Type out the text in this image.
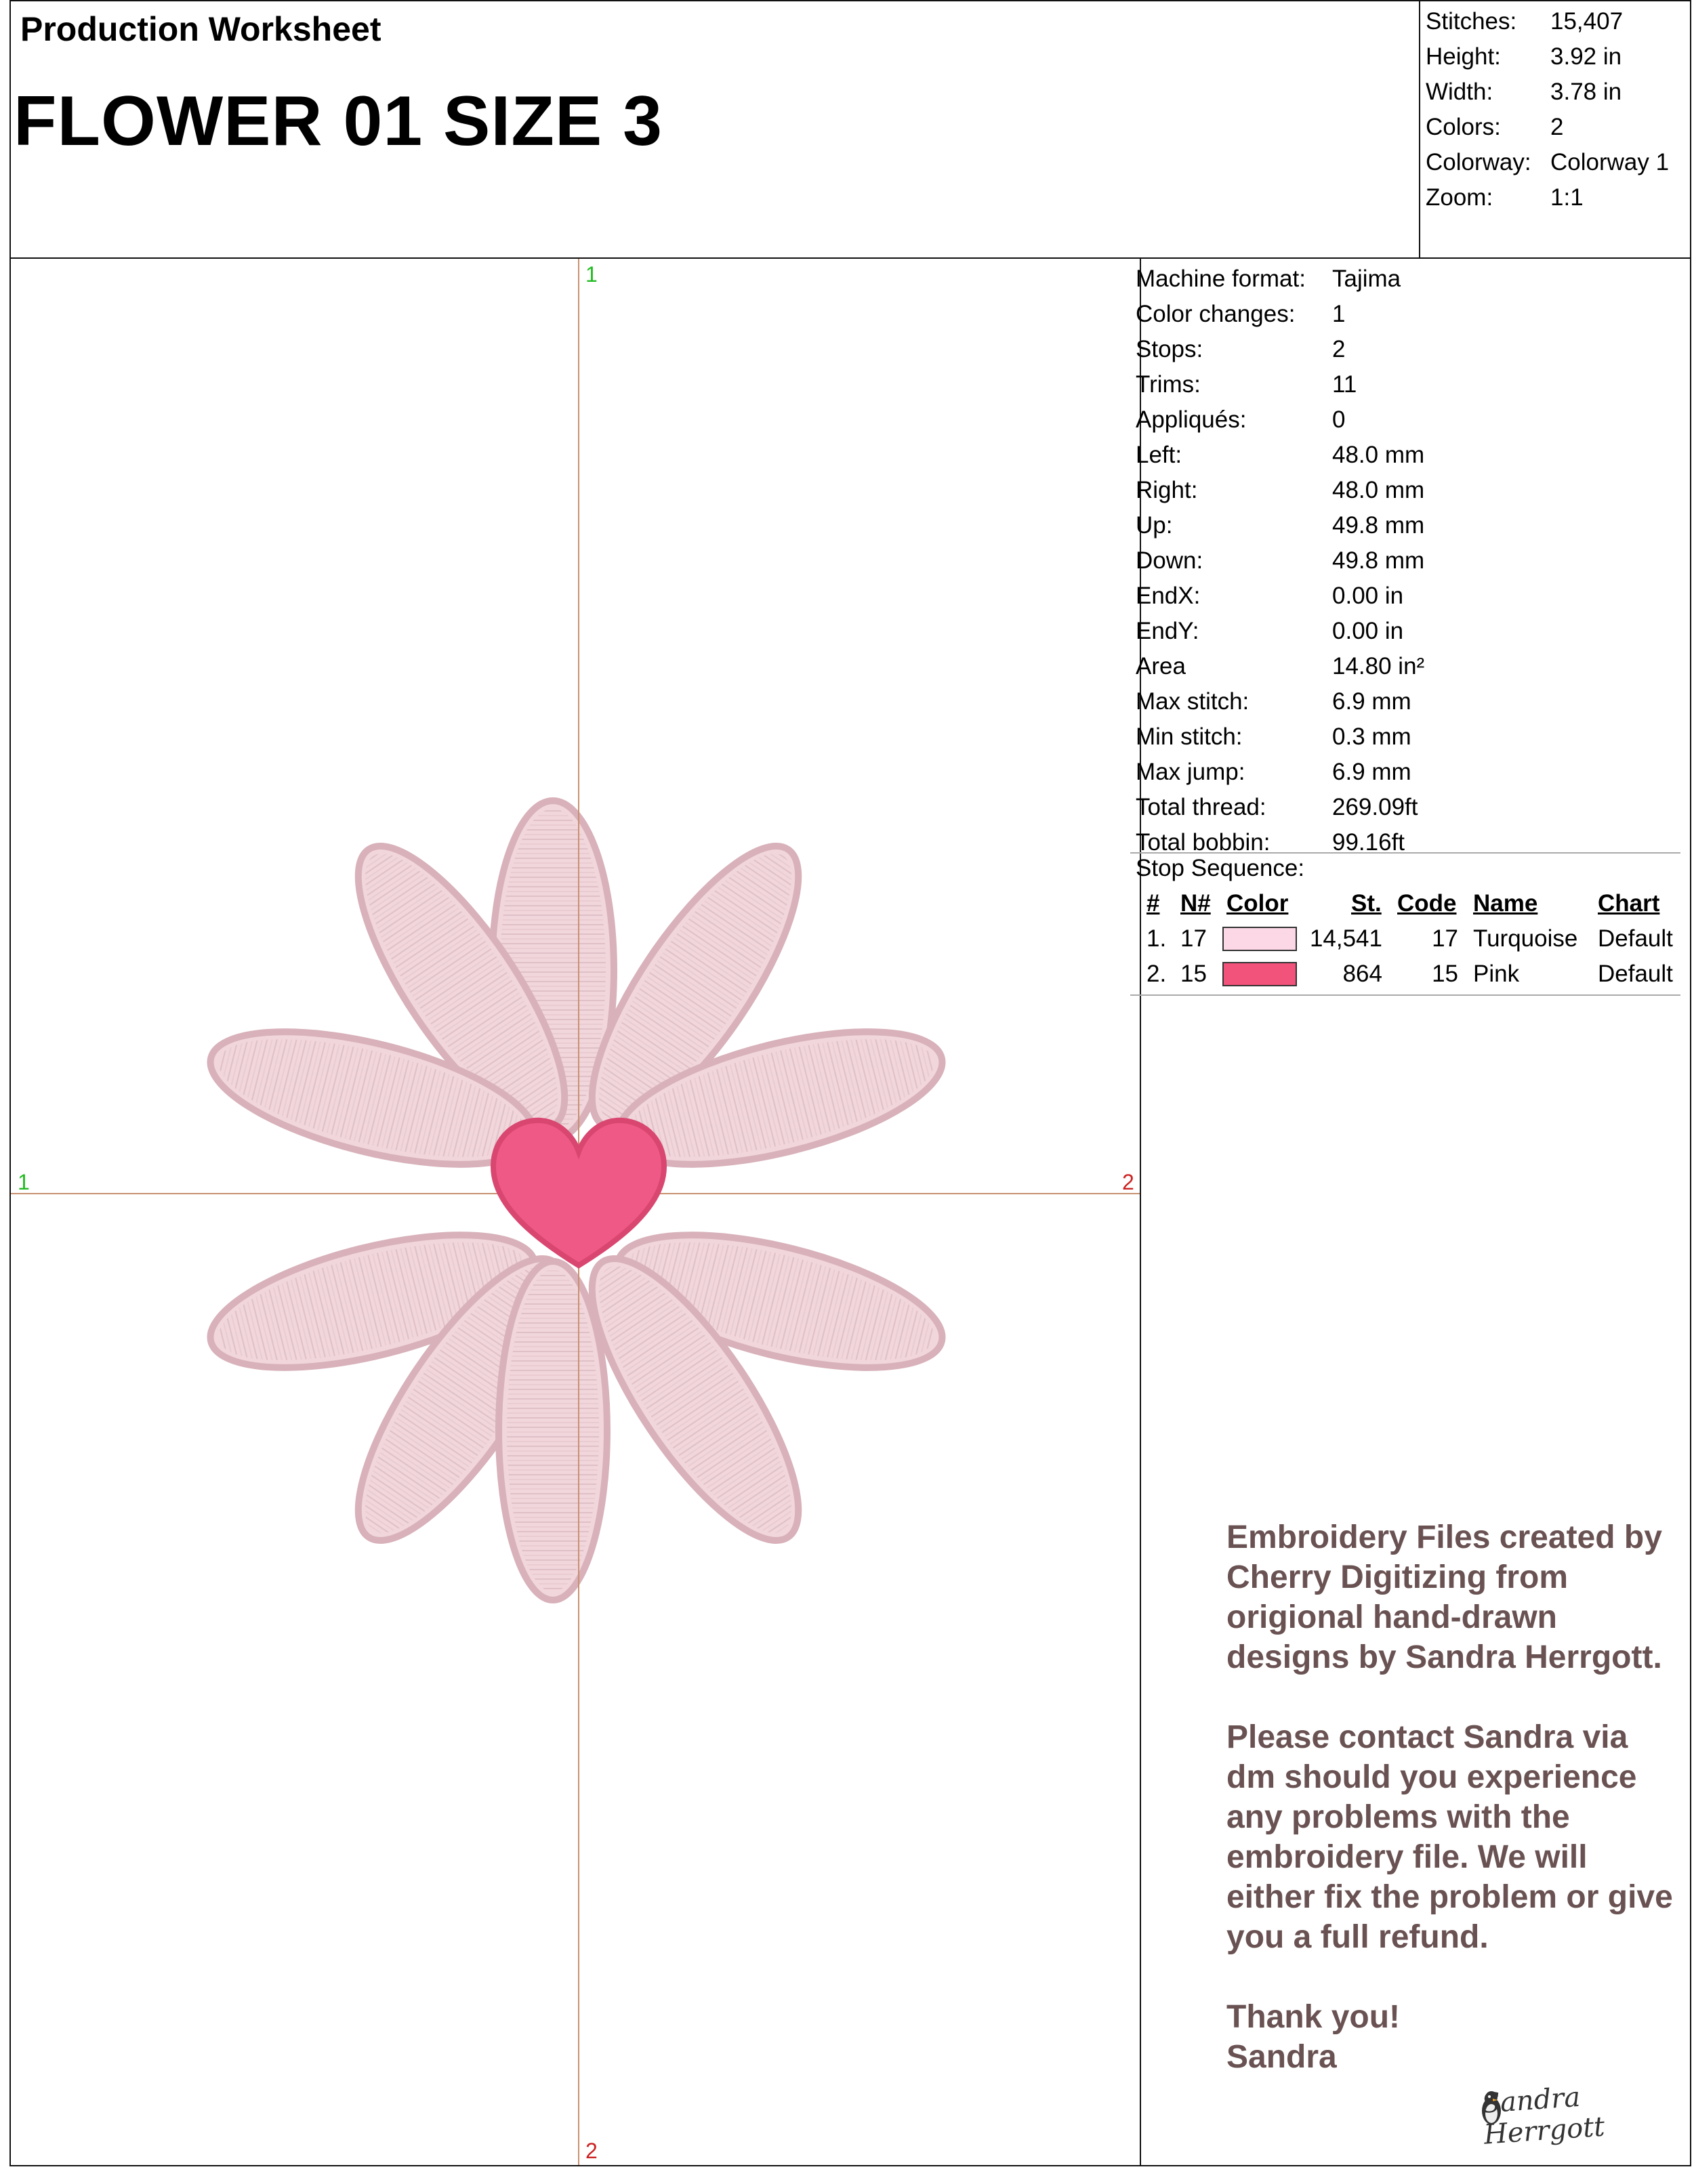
Production Worksheet
FLOWER 01 SIZE 3
Stitches: 15,407
Height: 3.92 in
Width: 3.78 in
Colors: 2
Colorway: Colorway 1
Zoom: 1:1
1
1	2
2
Machine format: Tajima
Color changes: 1
Stops:	2
Trims:	11
Appliqués:	0
Left:	48.0 mm
Right:	48.0 mm
Up:	49.8 mm
Down:	49.8 mm
EndX:	0.00 in
EndY:	0.00 in
Area	14.80 in²
Max stitch:	6.9 mm
Min stitch:	0.3 mm
Max jump:	6.9 mm
Total thread:	269.09ft
Total bobbin:	99.16ft
Stop Sequence:
# N# Color	St. Code Name	Chart
1. 17	14,541	17 Turquoise Default
2. 15	864	15 Pink	Default

Embroidery Files created by Cherry Digitizing from origional hand-drawn designs by Sandra Herrgott.

Please contact Sandra via dm should you experience any problems with the embroidery file. We will either fix the problem or give you a full refund.

Thank you!
Sandra
Sandra Herrgott
